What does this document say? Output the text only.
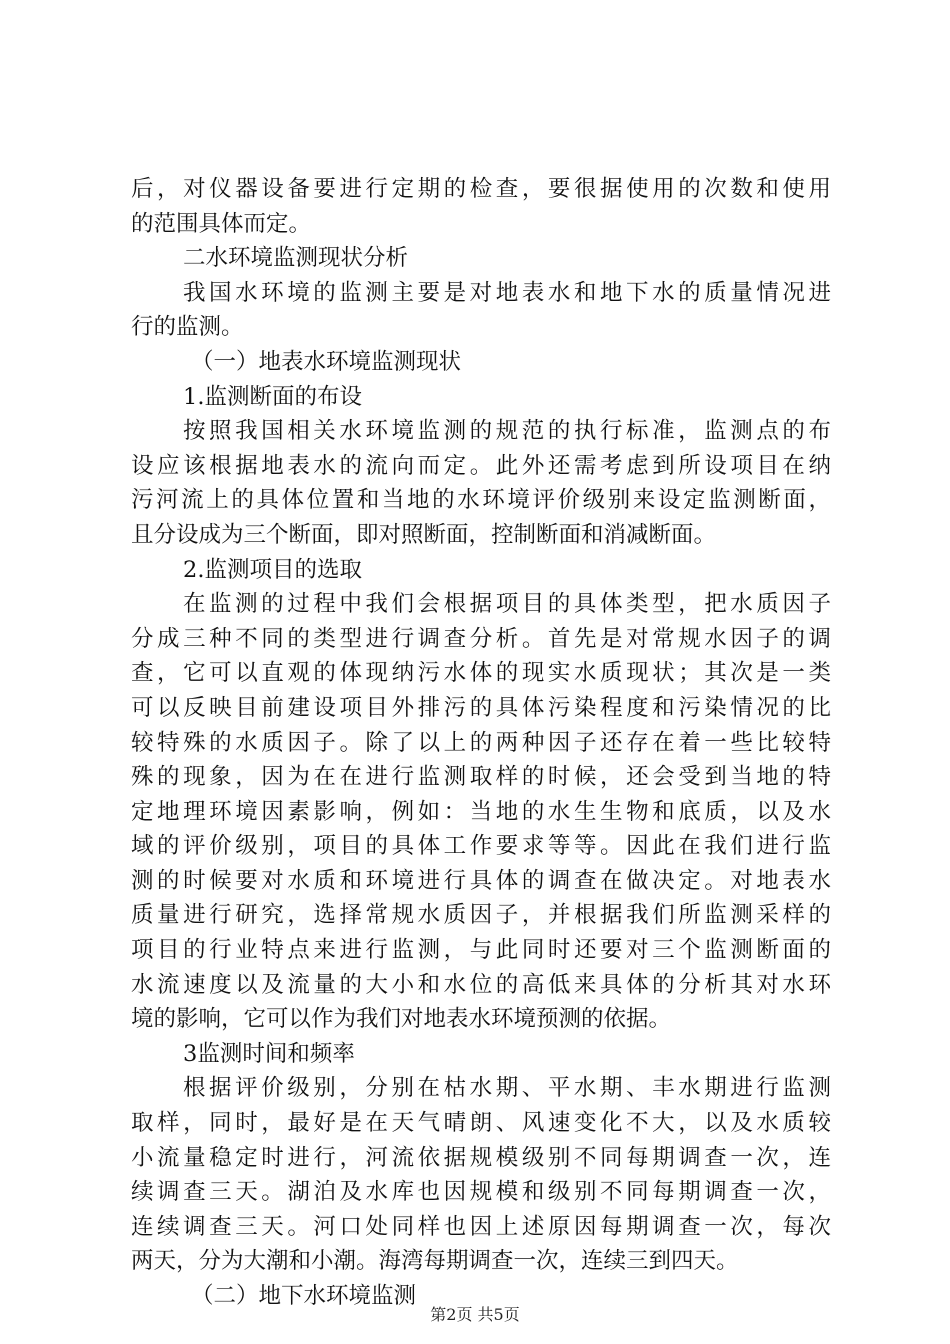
后，对仪器设备要进行定期的检查，要很据使用的次数和使用
的范围具体而定。
二水环境监测现状分析
我国水环境的监测主要是对地表水和地下水的质量情况进
行的监测。
（一）地表水环境监测现状
1.监测断面的布设
按照我国相关水环境监测的规范的执行标准，监测点的布
设应该根据地表水的流向而定。此外还需考虑到所设项目在纳
污河流上的具体位置和当地的水环境评价级别来设定监测断面，
且分设成为三个断面，即对照断面，控制断面和消减断面。
2.监测项目的选取
在监测的过程中我们会根据项目的具体类型，把水质因子
分成三种不同的类型进行调查分析。首先是对常规水因子的调
查，它可以直观的体现纳污水体的现实水质现状；其次是一类
可以反映目前建设项目外排污的具体污染程度和污染情况的比
较特殊的水质因子。除了以上的两种因子还存在着一些比较特
殊的现象，因为在在进行监测取样的时候，还会受到当地的特
定地理环境因素影响，例如：当地的水生生物和底质，以及水
域的评价级别，项目的具体工作要求等等。因此在我们进行监
测的时候要对水质和环境进行具体的调查在做决定。对地表水
质量进行研究，选择常规水质因子，并根据我们所监测采样的
项目的行业特点来进行监测，与此同时还要对三个监测断面的
水流速度以及流量的大小和水位的高低来具体的分析其对水环
境的影响，它可以作为我们对地表水环境预测的依据。
3监测时间和频率
根据评价级别，分别在枯水期、平水期、丰水期进行监测
取样，同时，最好是在天气晴朗、风速变化不大，以及水质较
小流量稳定时进行，河流依据规模级别不同每期调查一次，连
续调查三天。湖泊及水库也因规模和级别不同每期调查一次，
连续调查三天。河口处同样也因上述原因每期调查一次，每次
两天，分为大潮和小潮。海湾每期调查一次，连续三到四天。
（二）地下水环境监测
第2页 共5页
